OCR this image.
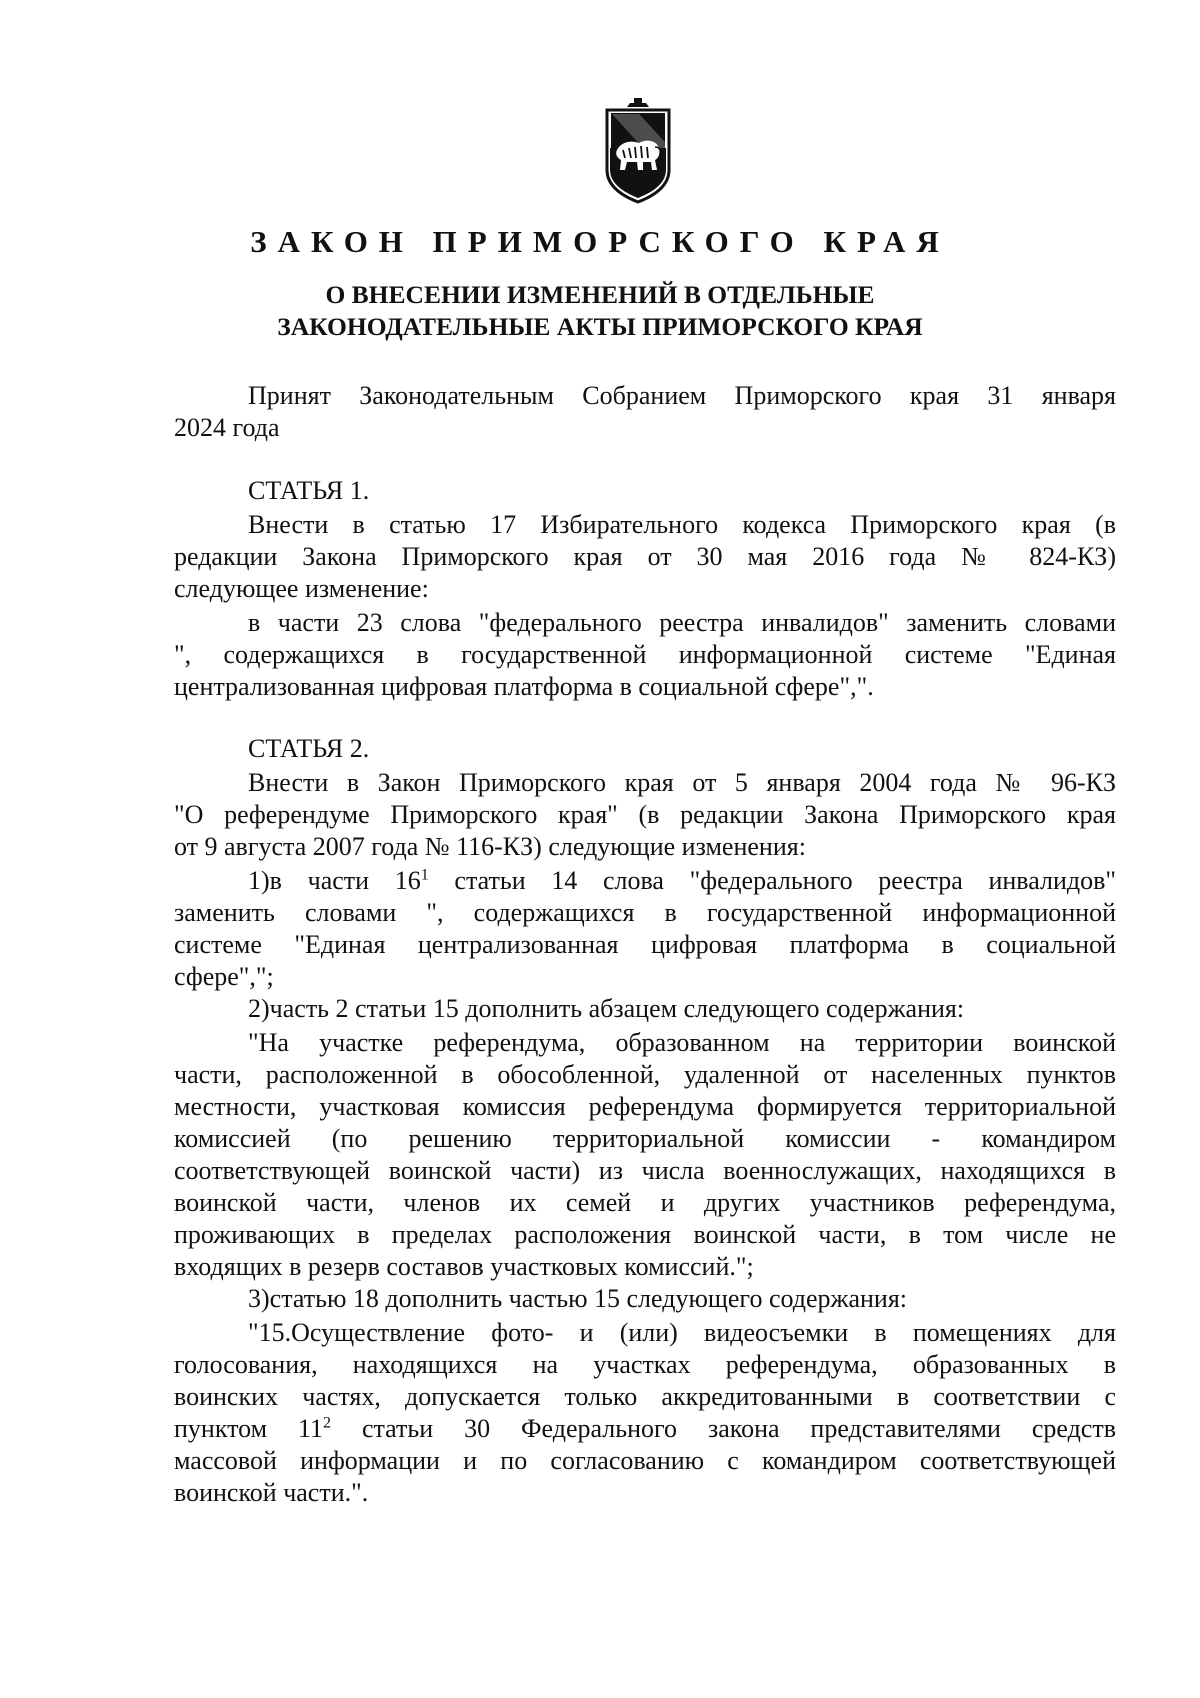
ЗАКОН ПРИМОРСКОГО КРАЯ
О ВНЕСЕНИИ ИЗМЕНЕНИЙ В ОТДЕЛЬНЫЕ
ЗАКОНОДАТЕЛЬНЫЕ АКТЫ ПРИМОРСКОГО КРАЯ
Принят Законодательным Собранием Приморского края 31 января
2024 года
СТАТЬЯ 1.
Внести в статью 17 Избирательного кодекса Приморского края (в
редакции Закона Приморского края от 30 мая 2016 года № 824-КЗ)
следующее изменение:
в части 23 слова "федерального реестра инвалидов" заменить словами
", содержащихся в государственной информационной системе "Единая
централизованная цифровая платформа в социальной сфере",".
СТАТЬЯ 2.
Внести в Закон Приморского края от 5 января 2004 года № 96-КЗ
"О референдуме Приморского края" (в редакции Закона Приморского края
от 9 августа 2007 года № 116-КЗ) следующие изменения:
1)в части $16^1$ статьи 14 слова "федерального реестра инвалидов"
заменить словами ", содержащихся в государственной информационной
системе "Единая централизованная цифровая платформа в социальной
сфере",";
2)часть 2 статьи 15 дополнить абзацем следующего содержания:
"На участке референдума, образованном на территории воинской
части, расположенной в обособленной, удаленной от населенных пунктов
местности, участковая комиссия референдума формируется территориальной
комиссией (по решению территориальной комиссии - командиром
соответствующей воинской части) из числа военнослужащих, находящихся в
воинской части, членов их семей и других участников референдума,
проживающих в пределах расположения воинской части, в том числе не
входящих в резерв составов участковых комиссий.";
3)статью 18 дополнить частью 15 следующего содержания:
"15.Осуществление фото- и (или) видеосъемки в помещениях для
голосования, находящихся на участках референдума, образованных в
воинских частях, допускается только аккредитованными в соответствии с
пунктом $11^2$ статьи 30 Федерального закона представителями средств
массовой информации и по согласованию с командиром соответствующей
воинской части.".
